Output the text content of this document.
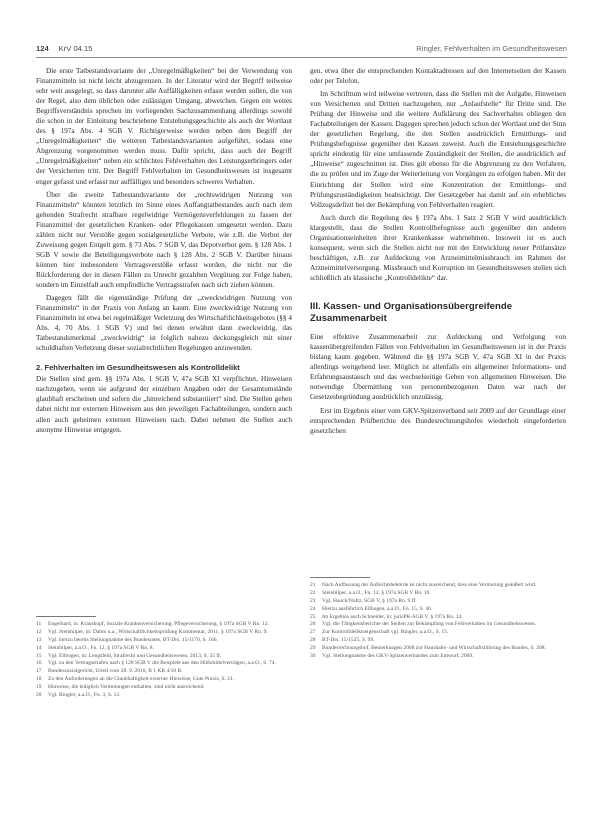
124 KrV 04.15	Ringler, Fehlverhalten im Gesundheitswesen

Die erste Tatbestandsvariante der „Unregelmäßigkeiten“ bei der Verwendung von Finanzmitteln ist nicht leicht abzugrenzen. In der Literatur wird der Begriff teilweise sehr weit ausgelegt, so dass darunter alle Auffälligkeiten erfasst werden sollen, die von der Regel, also dem üblichen oder zulässigen Umgang, abweichen. Gegen ein weites Begriffsverständnis sprechen im vorliegenden Sachzusammenhang allerdings sowohl die schon in der Einleitung beschriebene Entstehungsgeschichte als auch der Wortlaut des § 197a Abs. 4 SGB V. Richtigerweise werden neben dem Begriff der „Unregelmäßigkeiten“ die weiteren Tatbestandsvarianten aufgeführt, sodass eine Abgrenzung vorgenommen werden muss. Dafür spricht, dass auch der Begriff „Unregelmäßigkeiten“ neben ein schlichtes Fehlverhalten des Leistungserbringers oder der Versicherten tritt. Der Begriff Fehlverhalten im Gesundheitswesen ist insgesamt enger gefasst und erfasst nur auffälliges und besonders schweres Verhalten.

Über die zweite Tatbestandsvariante der „rechtswidrigen Nutzung von Finanzmitteln“ könnten letztlich im Sinne eines Auffangtatbestandes auch nach dem geltenden Strafrecht strafbare regelwidrige Vermögensverfehlungen zu fassen der Finanzmittel der gesetzlichen Kranken- oder Pflegekassen umgesetzt werden. Dazu zählen nicht nur Verstöße gegen sozialgesetzliche Verbote, wie z.B. die Verbot der Zuweisung gegen Entgelt gem. § 73 Abs. 7 SGB V, das Depotverbot gem. § 128 Abs. 1 SGB V sowie die Beteiligungsverbote nach § 128 Abs. 2 SGB V. Darüber hinaus können hier insbesondere Vertragsverstöße erfasst werden, die nicht nur die Rückforderung der in diesen Fällen zu Unrecht gezahlten Vergütung zur Folge haben, sondern im Einzelfall auch empfindliche Vertragsstrafen nach sich ziehen können.

Dagegen fällt die eigenständige Prüfung der „zweckwidrigen Nutzung von Finanzmitteln“ in der Praxis von Anfang an kaum. Eine zweckwidrige Nutzung von Finanzmitteln ist etwa bei regelmäßiger Verletzung des Wirtschaftlichkeitsgebotes (§§ 4 Abs. 4, 70 Abs. 1 SGB V) und bei denen erwähnt dann zweckwidrig, das Tatbestandsmerkmal „zweckwidrig“ ist folglich nahezu deckungsgleich mit einer schuldhaften Verletzung dieser sozialrechtlichen Regelungen anzuwenden.

2. Fehlverhalten im Gesundheitswesen als Kontrolldelikt

Die Stellen sind gem. §§ 197a Abs. 1 SGB V, 47a SGB XI verpflichtet, Hinweisen nachzugehen, wenn sie aufgrund der einzelnen Angaben oder der Gesamtumstände glaubhaft erscheinen und sofern die „hinreichend substantiiert“ sind. Die Stellen gehen dabei nicht nur externen Hinweisen aus den jeweiligen Fachabteilungen, sondern auch allen auch geheimen externen Hinweisen nach. Dabei nehmen die Stellen auch anonyme Hinweise entgegen.

gen, etwa über die entsprechenden Kontaktadressen auf den Internetseiten der Kassen oder per Telefon.

Im Schrifttum wird teilweise vertreten, dass die Stellen mit der Aufgabe, Hinweisen von Versicherten und Dritten nachzugehen, nur „Anlaufstelle“ für Dritte sind. Die Prüfung der Hinweise und die weitere Aufklärung des Sachverhaltes obliegen den Fachabteilungen der Kassen. Dagegen sprechen jedoch schon der Wortlaut und der Sinn der gesetzlichen Regelung, die den Stellen ausdrücklich Ermittlungs- und Prüfungsbefugnisse gegenüber den Kassen zuweist. Auch die Entstehungsgeschichte spricht eindeutig für eine umfassende Zuständigkeit der Stellen, die ausdrücklich auf „Hinweise“ zugeschnitten ist. Dies gilt ebenso für die Abgrenzung zu den Verfahren, die zu prüfen und im Zuge der Weiterleitung von Vorgängen zu erfolgen haben. Mit der Einrichtung der Stellen wird eine Konzentration der Ermittlungs- und Prüfungszuständigkeiten beabsichtigt. Der Gesetzgeber hat damit auf ein erhebliches Vollzugsdefizit bei der Bekämpfung von Fehlverhalten reagiert.

Auch durch die Regelung des § 197a Abs. 1 Satz 2 SGB V wird ausdrücklich klargestellt, dass die Stellen Kontrollbefugnisse auch gegenüber den anderen Organisationseinheiten ihrer Krankenkasse wahrnehmen. Insoweit ist es auch konsequent, wenn sich die Stellen nicht nur mit der Entwicklung neuer Prüfansätze beschäftigen, z.B. zur Aufdeckung von Arzneimittelmissbrauch im Rahmen der Arzneimittelversorgung. Missbrauch und Korruption im Gesundheitswesen stellen sich schließlich als klassische „Kontrolldelikte“ dar.

III. Kassen- und Organisationsübergreifende Zusammenarbeit

Eine effektive Zusammenarbeit zur Aufdeckung und Verfolgung von kassenübergreifenden Fällen von Fehlverhalten im Gesundheitswesen ist in der Praxis bislang kaum gegeben. Während die §§ 197a SGB V, 47a SGB XI in der Praxis allerdings weitgehend leer. Möglich ist allenfalls ein allgemeiner Informations- und Erfahrungsaustausch und das wechselseitige Geben von allgemeinen Hinweisen. Die notwendige Übermittlung von personenbezogenen Daten war nach der Gesetzesbegründung ausdrücklich unzulässig.

Erst im Ergebnis einer vom GKV-Spitzenverband seit 2009 auf der Grundlage einer entsprechenden Prüfberichte des Bundesrechnungshofes wiederholt eingeforderten gesetzlichen

11	Engelhard, in: Krauskopf, Soziale Krankenversicherung, Pflegeversicherung, § 197a SGB V Rn. 12.
12	Vgl. Steinhilper, in: Dahm u.a., Wirtschaftlichkeitsprüfung Kommentar, 2011, § 197a SGB V Rn. 9.
13	Vgl. hierzu bereits Stellungnahme des Bundesrates, BT-Drs. 15/1170, S. 166.
14	Steinhilper, a.a.O., Fn. 12, § 197a SGB V Rn. 8.
15	Vgl. Ellbogen, in: Lengsfeld, Strafrecht und Gesundheitswesen, 2013, S. 35 ff.
16	Vgl. zu den Vertragsstrafen nach § 128 SGB V die Beispiele aus den Hilfsmittelverträgen, a.a.O., S. 74.
17	Bundessozialgericht, Urteil vom 28. 9. 2010, B 1 KR 4/10 R.
18	Zu den Anforderungen an die Glaubhaftigkeit externer Hinweise, Gute Praxis, S. 21.
19	Hinweise, die lediglich Vermutungen enthalten, sind nicht ausreichend.
20	Vgl. Ringler, a.a.O., Fn. 3, S. 12.
21	Nach Auffassung der Aufsichtsbehörde ist nicht ausreichend, dass eine Vermutung geäußert wird.
22	Steinhilper, a.a.O., Fn. 12, § 197a SGB V Rn. 10.
23	Vgl. Hauck/Noftz, SGB V, § 197a Rn. 9 ff.
24	Hierzu ausführlich Ellbogen, a.a.O., Fn. 15, S. 40.
25	Im Ergebnis auch Schneider, in: jurisPK-SGB V, § 197a Rn. 14.
26	Vgl. die Tätigkeitsberichte der Stellen zur Bekämpfung von Fehlverhalten im Gesundheitswesen.
27	Zur Kontrolldeliktseigenschaft vgl. Ringler, a.a.O., S. 15.
28	BT-Drs. 15/1525, S. 99.
29	Bundesrechnungshof, Bemerkungen 2008 zur Haushalts- und Wirtschaftsführung des Bundes, S. 208.
30	Vgl. Stellungnahme des GKV-Spitzenverbandes zum Entwurf, 2009.
